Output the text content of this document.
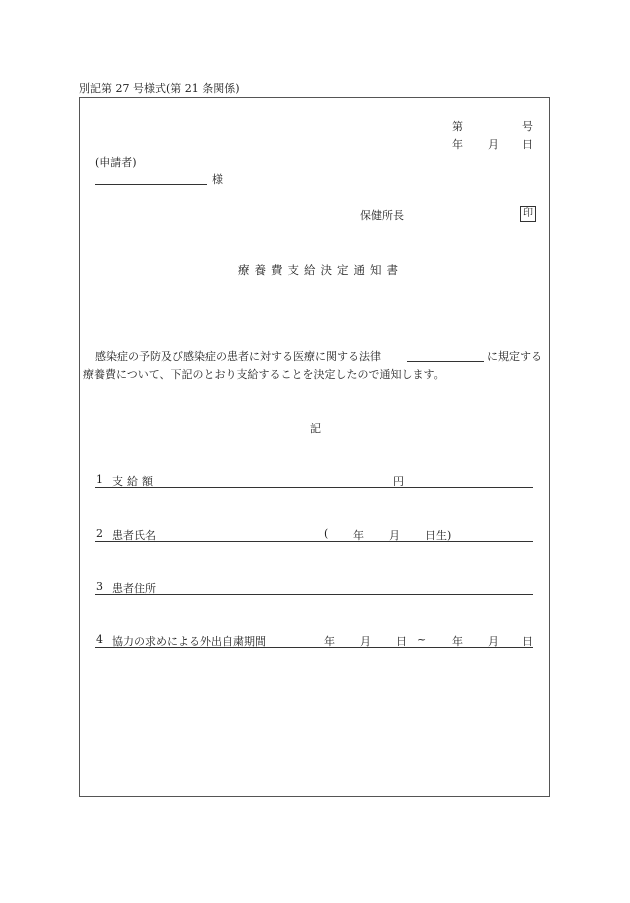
別記第 27 号様式(第 21 条関係)
第	号
年 月 日
(申請者)
様
保健所長	印
療養費支給決定通知書
感染症の予防及び感染症の患者に対する医療に関する法律	に規定する
療養費について、下記のとおり支給することを決定したので通知します。
記
1 支給額	円
2 患者氏名	( 年 月 日生)
3 患者住所
4 協力の求めによる外出自粛期間	年 月 日 ~ 年 月 日
